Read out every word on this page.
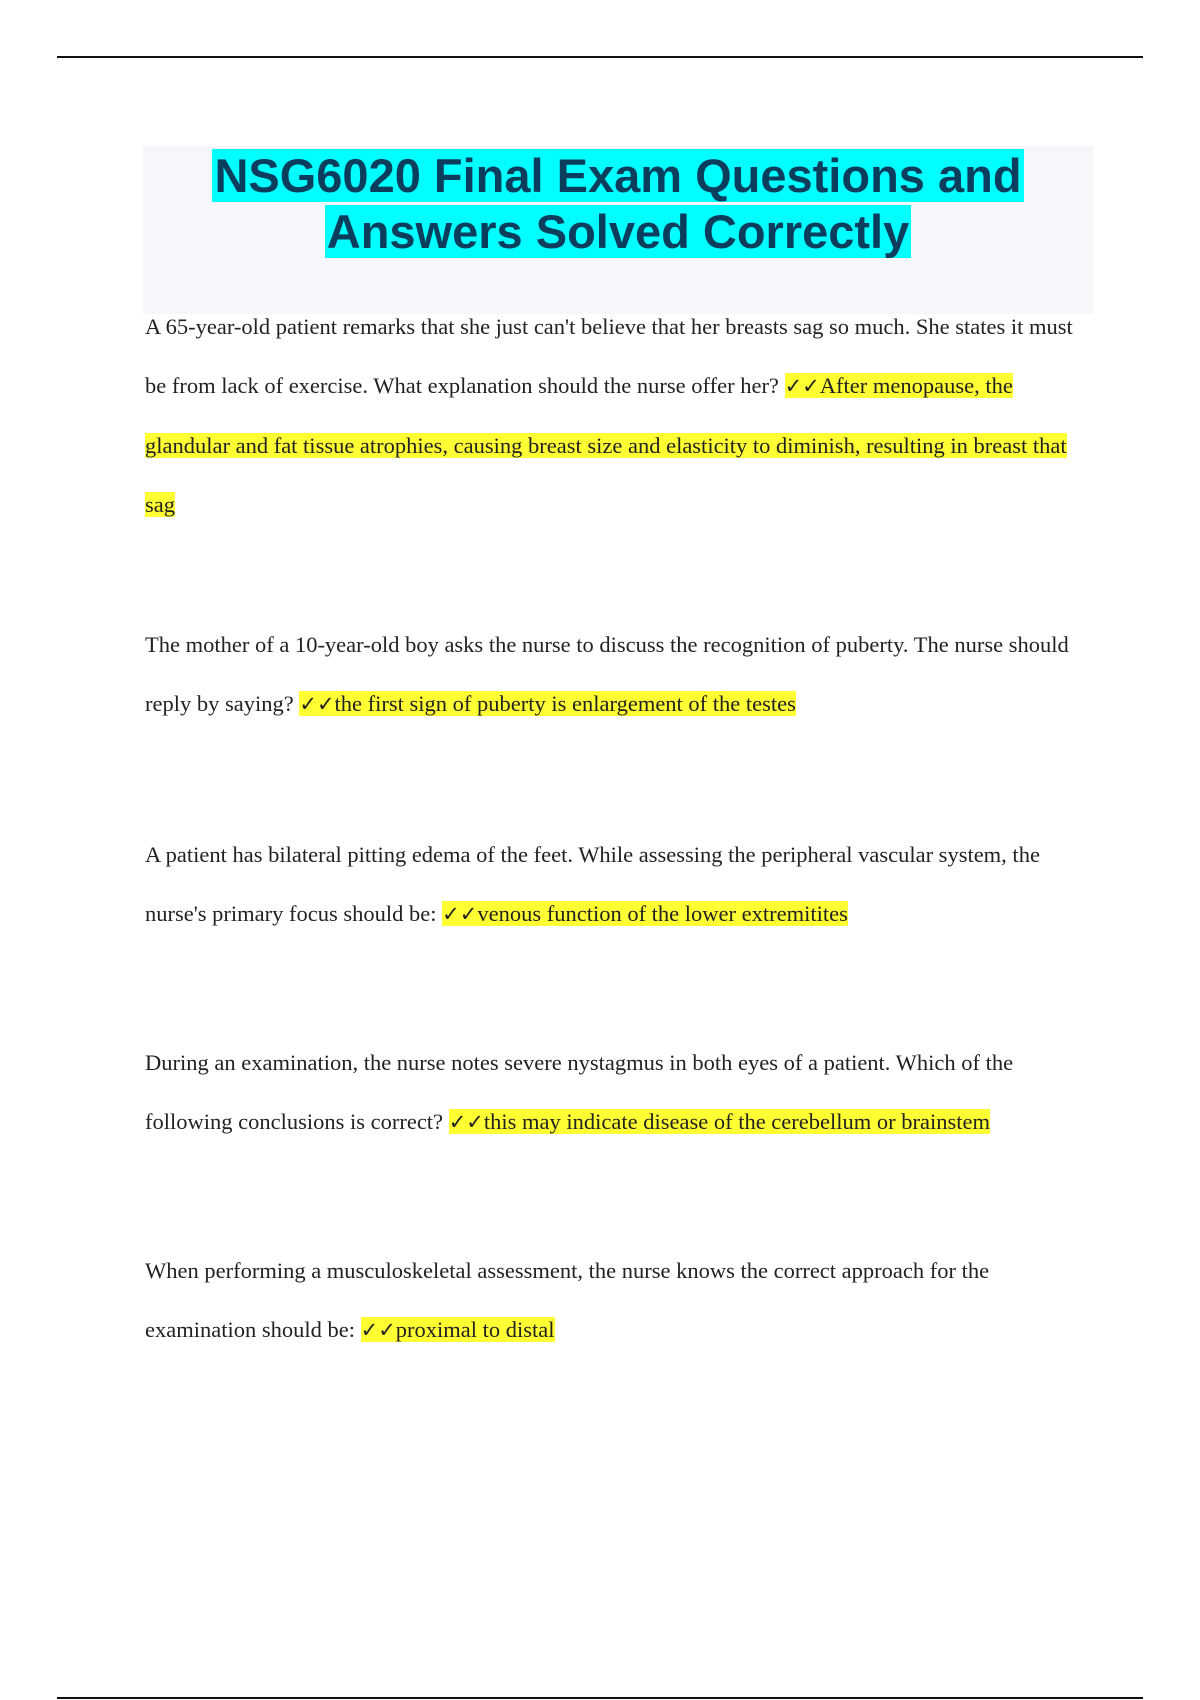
NSG6020 Final Exam Questions and
Answers Solved Correctly

A 65-year-old patient remarks that she just can't believe that her breasts sag so much. She states it must be from lack of exercise. What explanation should the nurse offer her? ✓✓After menopause, the glandular and fat tissue atrophies, causing breast size and elasticity to diminish, resulting in breast that sag

The mother of a 10-year-old boy asks the nurse to discuss the recognition of puberty. The nurse should reply by saying? ✓✓the first sign of puberty is enlargement of the testes

A patient has bilateral pitting edema of the feet. While assessing the peripheral vascular system, the nurse's primary focus should be: ✓✓venous function of the lower extremitites

During an examination, the nurse notes severe nystagmus in both eyes of a patient. Which of the following conclusions is correct? ✓✓this may indicate disease of the cerebellum or brainstem

When performing a musculoskeletal assessment, the nurse knows the correct approach for the examination should be: ✓✓proximal to distal
